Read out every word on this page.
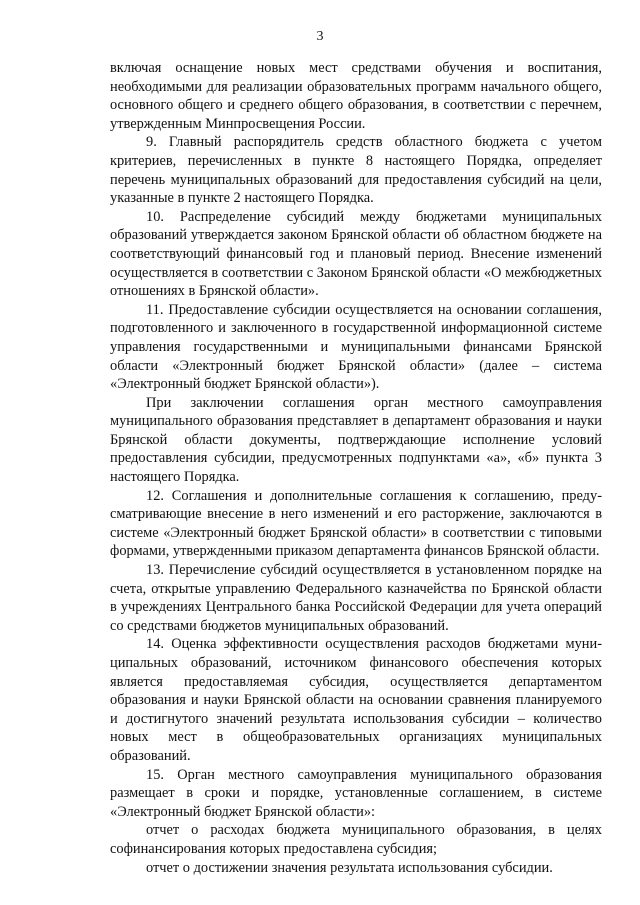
3

включая оснащение новых мест средствами обучения и воспитания, необходимыми для реализации образовательных программ начального общего, основного общего и среднего общего образования, в соответствии с перечнем, утвержденным Минпросвещения России.

9. Главный распорядитель средств областного бюджета с учетом критериев, перечисленных в пункте 8 настоящего Порядка, определяет перечень муниципальных образований для предоставления субсидий на цели, указанные в пункте 2 настоящего Порядка.

10. Распределение субсидий между бюджетами муниципальных образований утверждается законом Брянской области об областном бюджете на соответствующий финансовый год и плановый период. Внесение изменений осуществляется в соответствии с Законом Брянской области «О межбюджетных отношениях в Брянской области».

11. Предоставление субсидии осуществляется на основании соглашения, подготовленного и заключенного в государственной информационной системе управления государственными и муниципальными финансами Брянской области «Электронный бюджет Брянской области» (далее – система «Электронный бюджет Брянской области»).

При заключении соглашения орган местного самоуправления муниципального образования представляет в департамент образования и науки Брянской области документы, подтверждающие исполнение условий предоставления субсидии, предусмотренных подпунктами «а», «б» пункта 3 настоящего Порядка.

12. Соглашения и дополнительные соглашения к соглашению, предусматривающие внесение в него изменений и его расторжение, заключаются в системе «Электронный бюджет Брянской области» в соответствии с типовыми формами, утвержденными приказом департамента финансов Брянской области.

13. Перечисление субсидий осуществляется в установленном порядке на счета, открытые управлению Федерального казначейства по Брянской области в учреждениях Центрального банка Российской Федерации для учета операций со средствами бюджетов муниципальных образований.

14. Оценка эффективности осуществления расходов бюджетами муниципальных образований, источником финансового обеспечения которых является предоставляемая субсидия, осуществляется департаментом образования и науки Брянской области на основании сравнения планируемого и достигнутого значений результата использования субсидии – количество новых мест в общеобразовательных организациях муниципальных образований.

15. Орган местного самоуправления муниципального образования размещает в сроки и порядке, установленные соглашением, в системе «Электронный бюджет Брянской области»:

отчет о расходах бюджета муниципального образования, в целях софинансирования которых предоставлена субсидия;

отчет о достижении значения результата использования субсидии.
